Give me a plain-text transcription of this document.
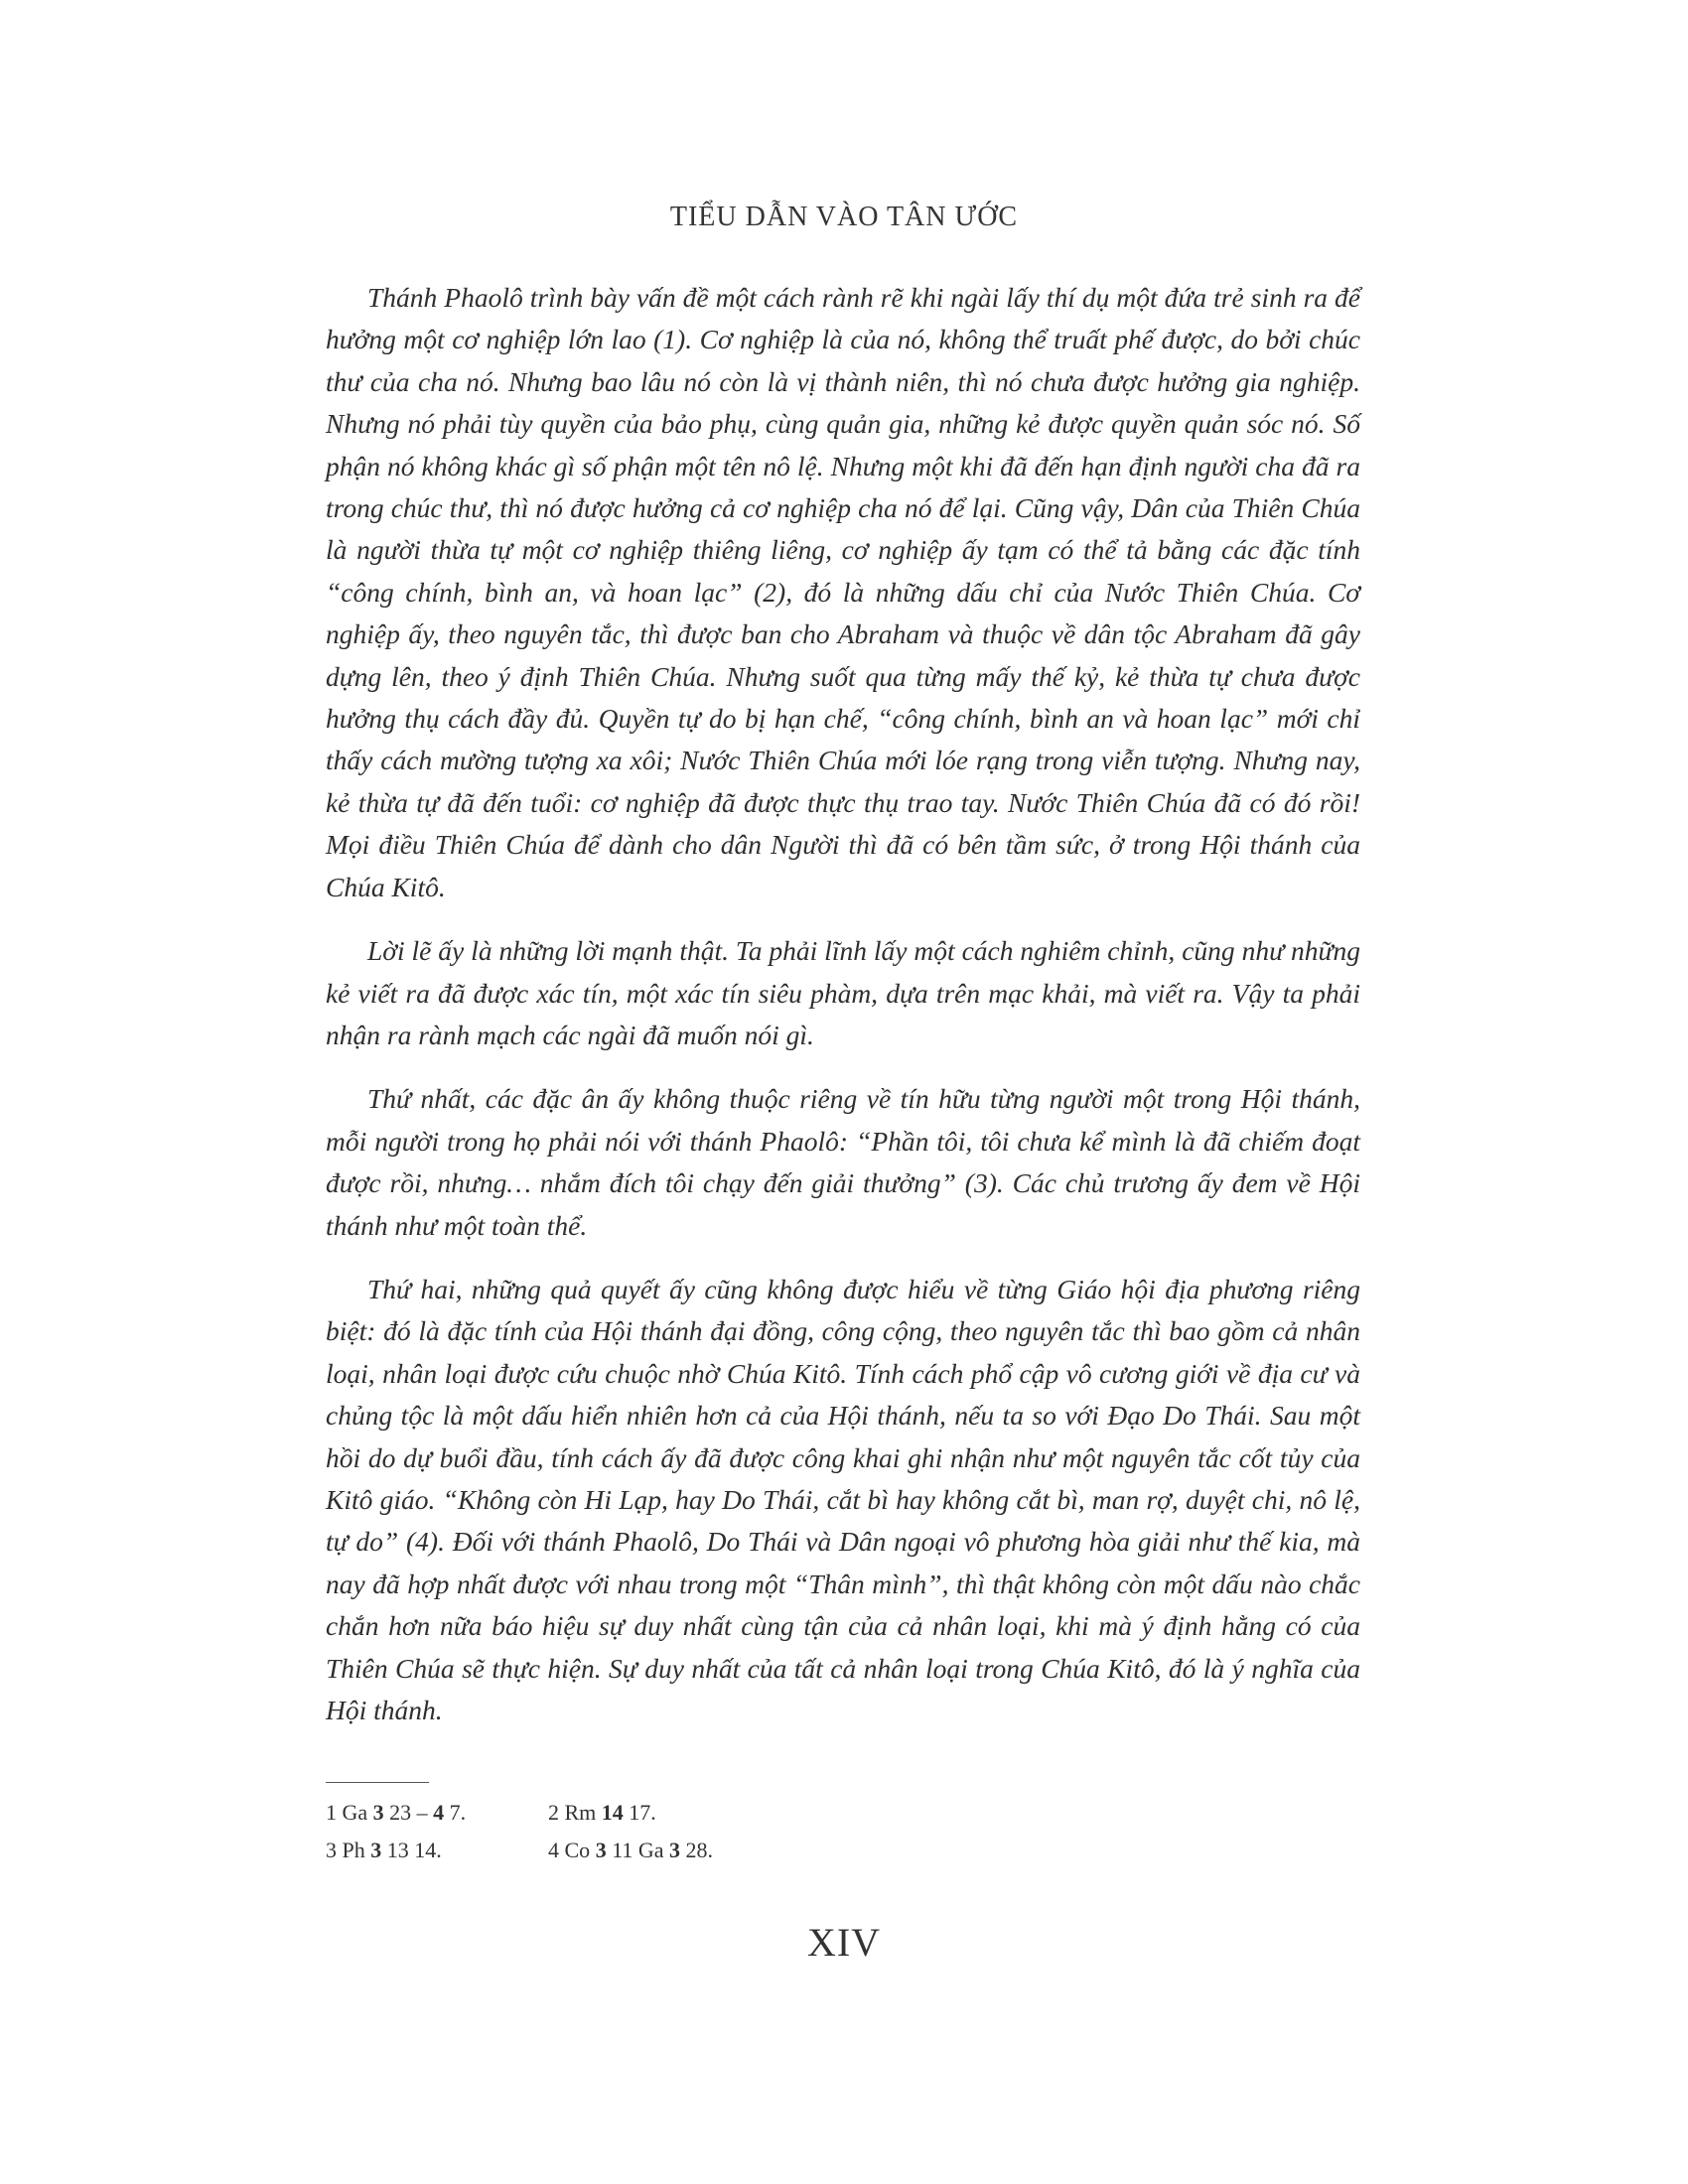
TIỂU DẪN VÀO TÂN ƯỚC

Thánh Phaolô trình bày vấn đề một cách rành rẽ khi ngài lấy thí dụ một đứa trẻ sinh ra để hưởng một cơ nghiệp lớn lao (1). Cơ nghiệp là của nó, không thể truất phế được, do bởi chúc thư của cha nó. Nhưng bao lâu nó còn là vị thành niên, thì nó chưa được hưởng gia nghiệp. Nhưng nó phải tùy quyền của bảo phụ, cùng quản gia, những kẻ được quyền quản sóc nó. Số phận nó không khác gì số phận một tên nô lệ. Nhưng một khi đã đến hạn định người cha đã ra trong chúc thư, thì nó được hưởng cả cơ nghiệp cha nó để lại. Cũng vậy, Dân của Thiên Chúa là người thừa tự một cơ nghiệp thiêng liêng, cơ nghiệp ấy tạm có thể tả bằng các đặc tính “công chính, bình an, và hoan lạc” (2), đó là những dấu chỉ của Nước Thiên Chúa. Cơ nghiệp ấy, theo nguyên tắc, thì được ban cho Abraham và thuộc về dân tộc Abraham đã gây dựng lên, theo ý định Thiên Chúa. Nhưng suốt qua từng mấy thế kỷ, kẻ thừa tự chưa được hưởng thụ cách đầy đủ. Quyền tự do bị hạn chế, “công chính, bình an và hoan lạc” mới chỉ thấy cách mường tượng xa xôi; Nước Thiên Chúa mới lóe rạng trong viễn tượng. Nhưng nay, kẻ thừa tự đã đến tuổi: cơ nghiệp đã được thực thụ trao tay. Nước Thiên Chúa đã có đó rồi! Mọi điều Thiên Chúa để dành cho dân Người thì đã có bên tầm sức, ở trong Hội thánh của Chúa Kitô.

Lời lẽ ấy là những lời mạnh thật. Ta phải lĩnh lấy một cách nghiêm chỉnh, cũng như những kẻ viết ra đã được xác tín, một xác tín siêu phàm, dựa trên mạc khải, mà viết ra. Vậy ta phải nhận ra rành mạch các ngài đã muốn nói gì.

Thứ nhất, các đặc ân ấy không thuộc riêng về tín hữu từng người một trong Hội thánh, mỗi người trong họ phải nói với thánh Phaolô: “Phần tôi, tôi chưa kể mình là đã chiếm đoạt được rồi, nhưng… nhắm đích tôi chạy đến giải thưởng” (3). Các chủ trương ấy đem về Hội thánh như một toàn thể.

Thứ hai, những quả quyết ấy cũng không được hiểu về từng Giáo hội địa phương riêng biệt: đó là đặc tính của Hội thánh đại đồng, công cộng, theo nguyên tắc thì bao gồm cả nhân loại, nhân loại được cứu chuộc nhờ Chúa Kitô. Tính cách phổ cập vô cương giới về địa cư và chủng tộc là một dấu hiển nhiên hơn cả của Hội thánh, nếu ta so với Đạo Do Thái. Sau một hồi do dự buổi đầu, tính cách ấy đã được công khai ghi nhận như một nguyên tắc cốt tủy của Kitô giáo. “Không còn Hi Lạp, hay Do Thái, cắt bì hay không cắt bì, man rợ, duyệt chi, nô lệ, tự do” (4). Đối với thánh Phaolô, Do Thái và Dân ngoại vô phương hòa giải như thế kia, mà nay đã hợp nhất được với nhau trong một “Thân mình”, thì thật không còn một dấu nào chắc chắn hơn nữa báo hiệu sự duy nhất cùng tận của cả nhân loại, khi mà ý định hằng có của Thiên Chúa sẽ thực hiện. Sự duy nhất của tất cả nhân loại trong Chúa Kitô, đó là ý nghĩa của Hội thánh.

1 Ga 3 23 – 4 7.	2 Rm 14 17.
3 Ph 3 13 14.	4 Co 3 11 Ga 3 28.
XIV
